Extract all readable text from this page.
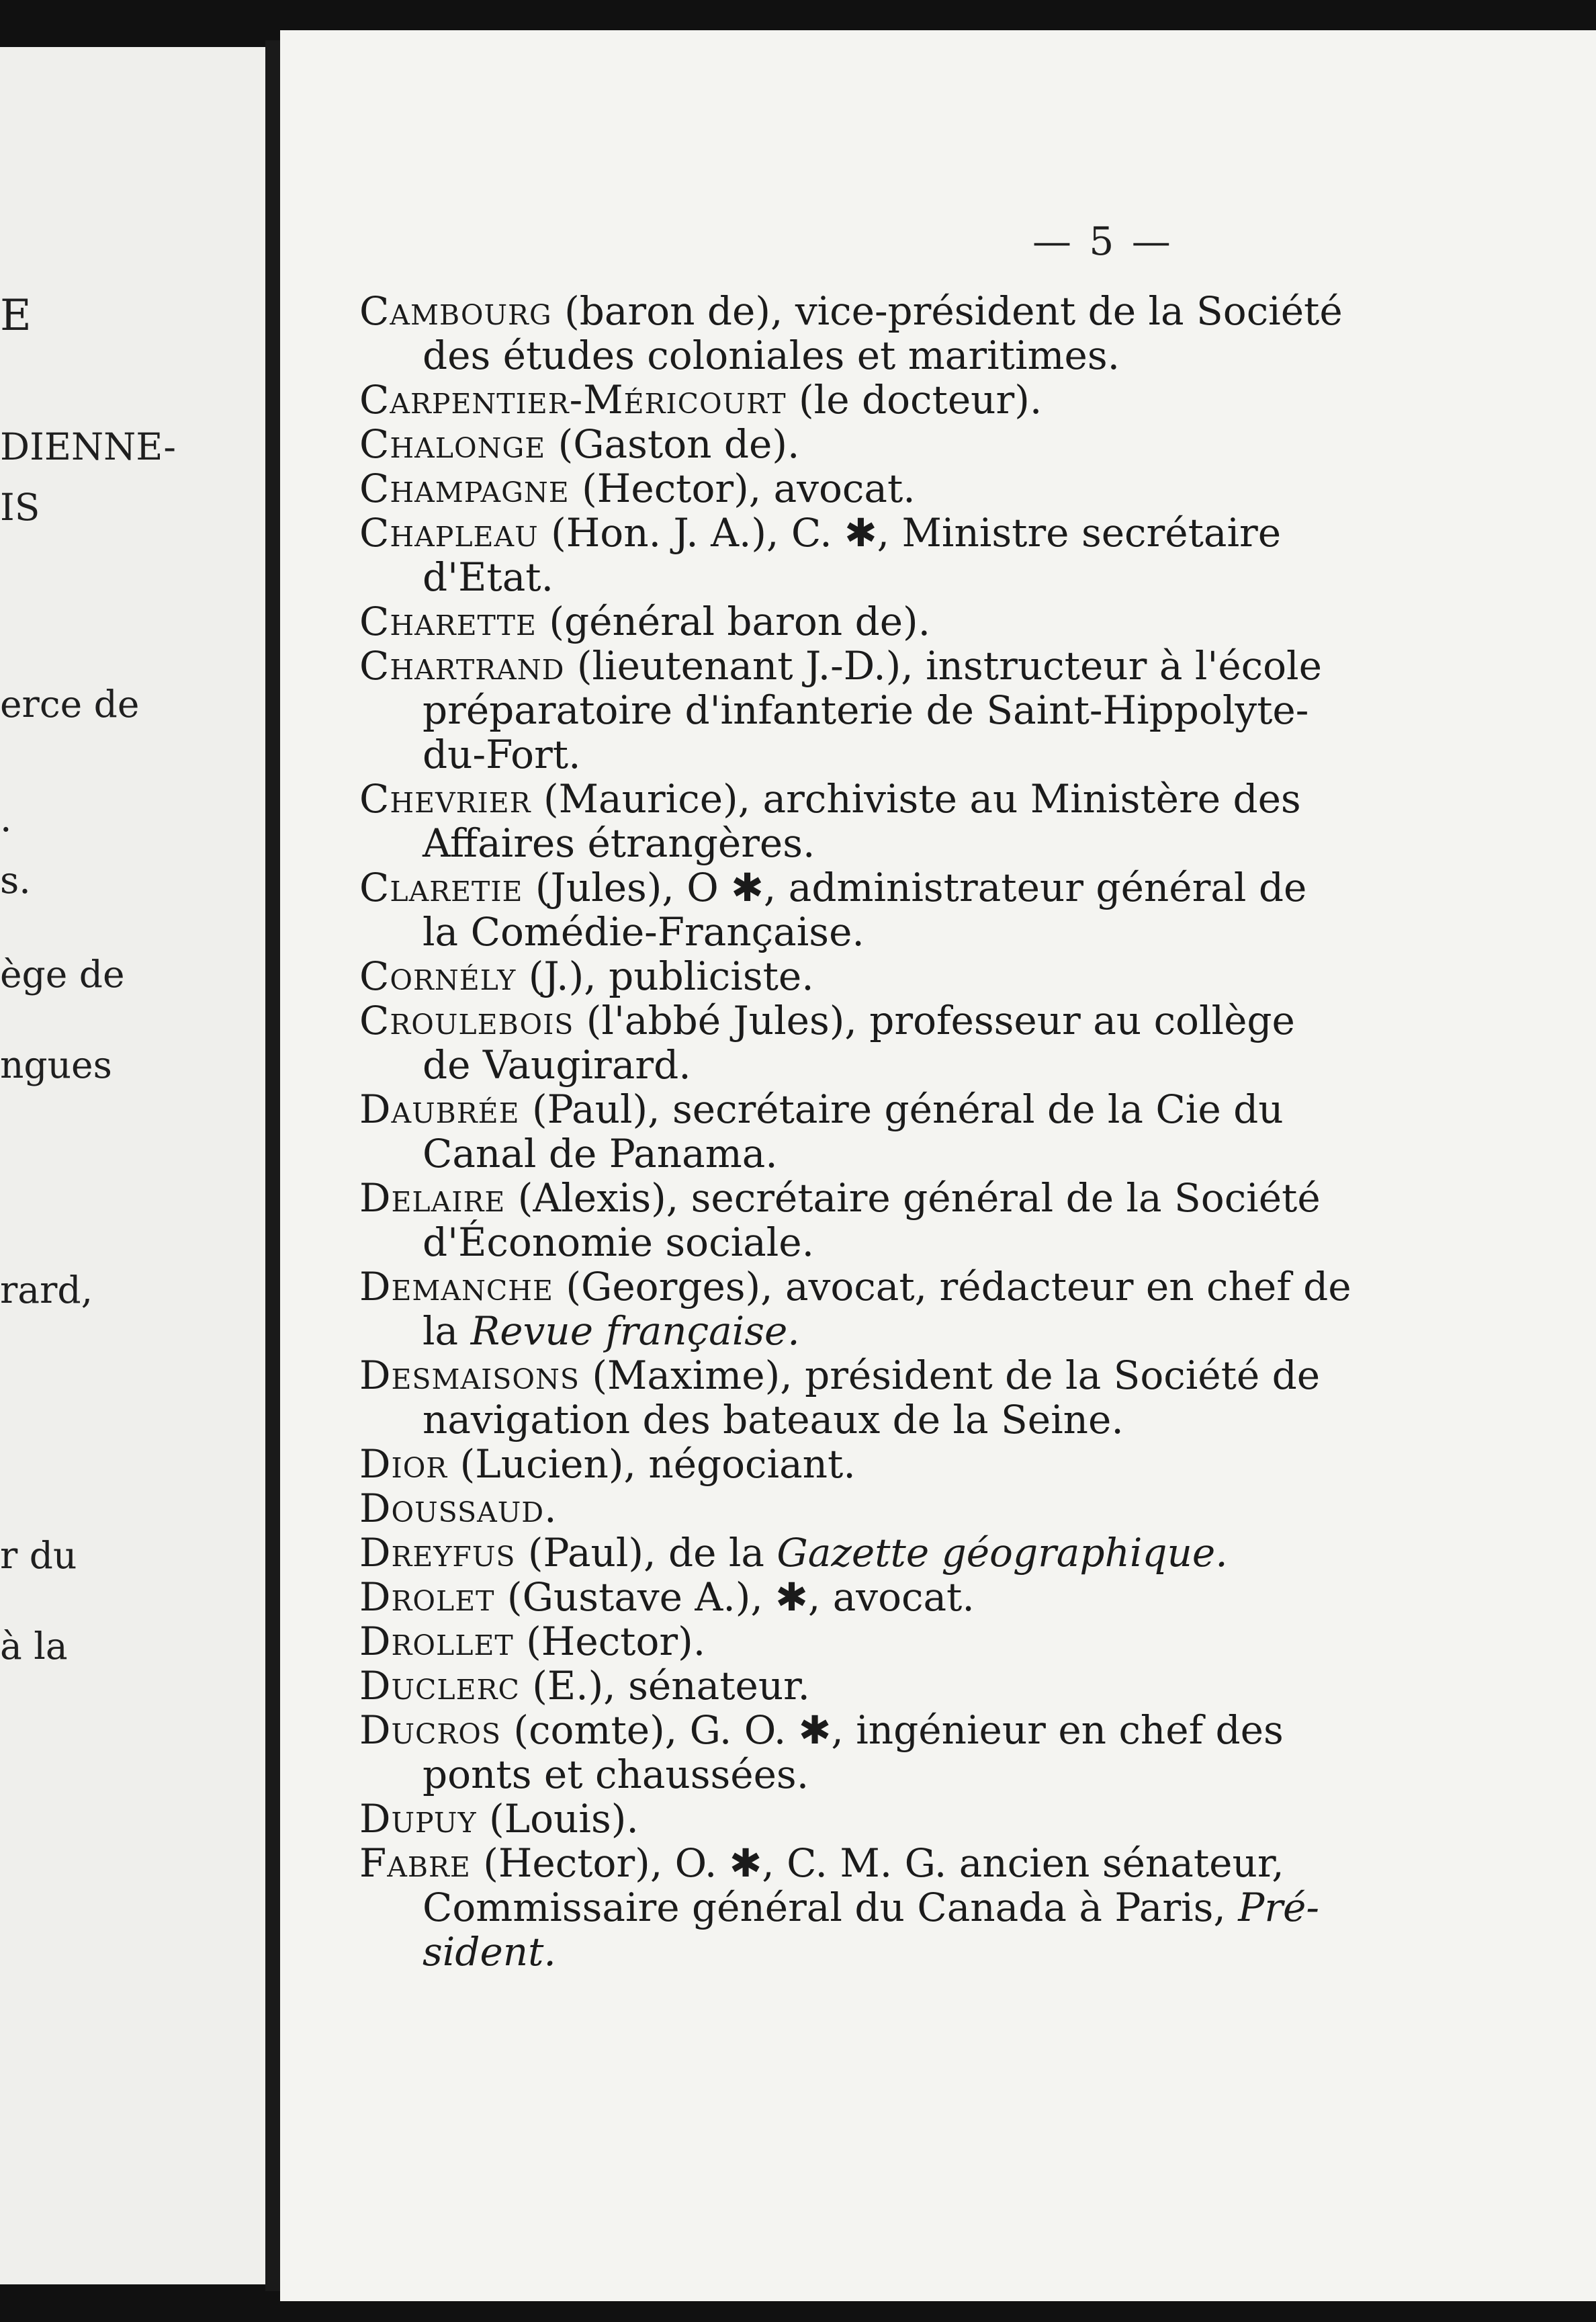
E
DIENNE-
IS
erce de
.
s.
ège de
ngues
rard,
r du
à la
— 5 —
Cambourg (baron de), vice-président de la Société
des études coloniales et maritimes.
Carpentier-Méricourt (le docteur).
Chalonge (Gaston de).
Champagne (Hector), avocat.
Chapleau (Hon. J. A.), C. ✱, Ministre secrétaire
d'Etat.
Charette (général baron de).
Chartrand (lieutenant J.-D.), instructeur à l'école
préparatoire d'infanterie de Saint-Hippolyte-
du-Fort.
Chevrier (Maurice), archiviste au Ministère des
Affaires étrangères.
Claretie (Jules), O ✱, administrateur général de
la Comédie-Française.
Cornély (J.), publiciste.
Croulebois (l'abbé Jules), professeur au collège
de Vaugirard.
Daubrée (Paul), secrétaire général de la Cie du
Canal de Panama.
Delaire (Alexis), secrétaire général de la Société
d'Économie sociale.
Demanche (Georges), avocat, rédacteur en chef de
la Revue française.
Desmaisons (Maxime), président de la Société de
navigation des bateaux de la Seine.
Dior (Lucien), négociant.
Doussaud.
Dreyfus (Paul), de la Gazette géographique.
Drolet (Gustave A.), ✱, avocat.
Drollet (Hector).
Duclerc (E.), sénateur.
Ducros (comte), G. O. ✱, ingénieur en chef des
ponts et chaussées.
Dupuy (Louis).
Fabre (Hector), O. ✱, C. M. G. ancien sénateur,
Commissaire général du Canada à Paris, Pré-
sident.
